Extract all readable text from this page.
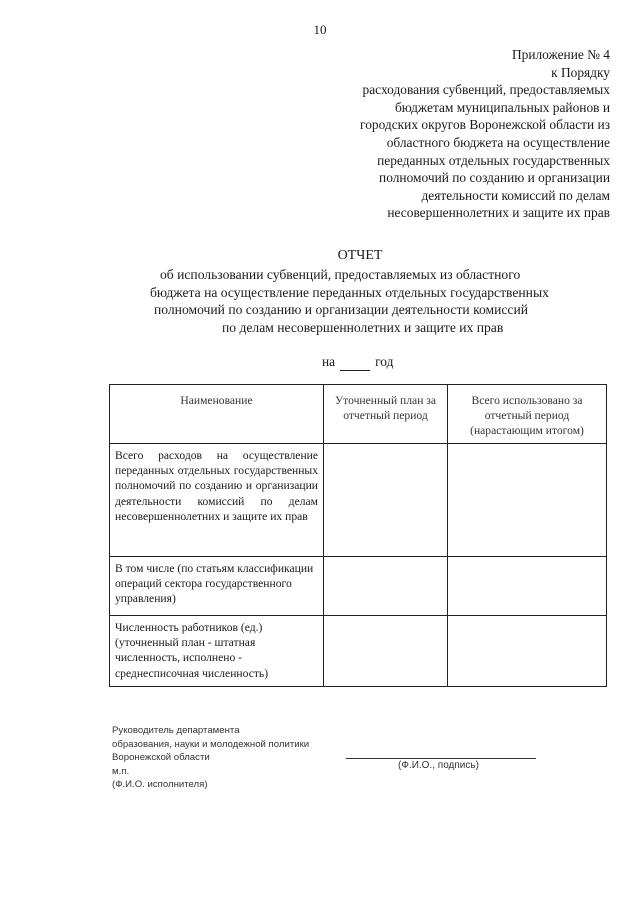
10
Приложение № 4
к Порядку
расходования субвенций, предоставляемых
бюджетам муниципальных районов и
городских округов Воронежской области из
областного бюджета на осуществление
переданных отдельных государственных
полномочий по созданию и организации
деятельности комиссий по делам
несовершеннолетних и защите их прав
ОТЧЕТ
об использовании субвенций, предоставляемых из областного
бюджета на осуществление переданных отдельных государственных
полномочий по созданию и организации деятельности комиссий
по делам несовершеннолетних и защите их прав
на	год
Наименование	Уточненный план за отчетный период	Всего использовано за отчетный период (нарастающим итогом)

Всего расходов на осуществление переданных отдельных государственных полномочий по созданию и организации деятельности комиссий по делам несовершеннолетних и защите их прав		

В том числе (по статьям классификации операций сектора государственного управления)		

Численность работников (ед.) (уточненный план - штатная численность, исполнено - среднесписочная численность)		

Руководитель департамента
образования, науки и молодежной политики
Воронежской области
м.п.
(Ф.И.О. исполнителя)
(Ф.И.О., подпись)
